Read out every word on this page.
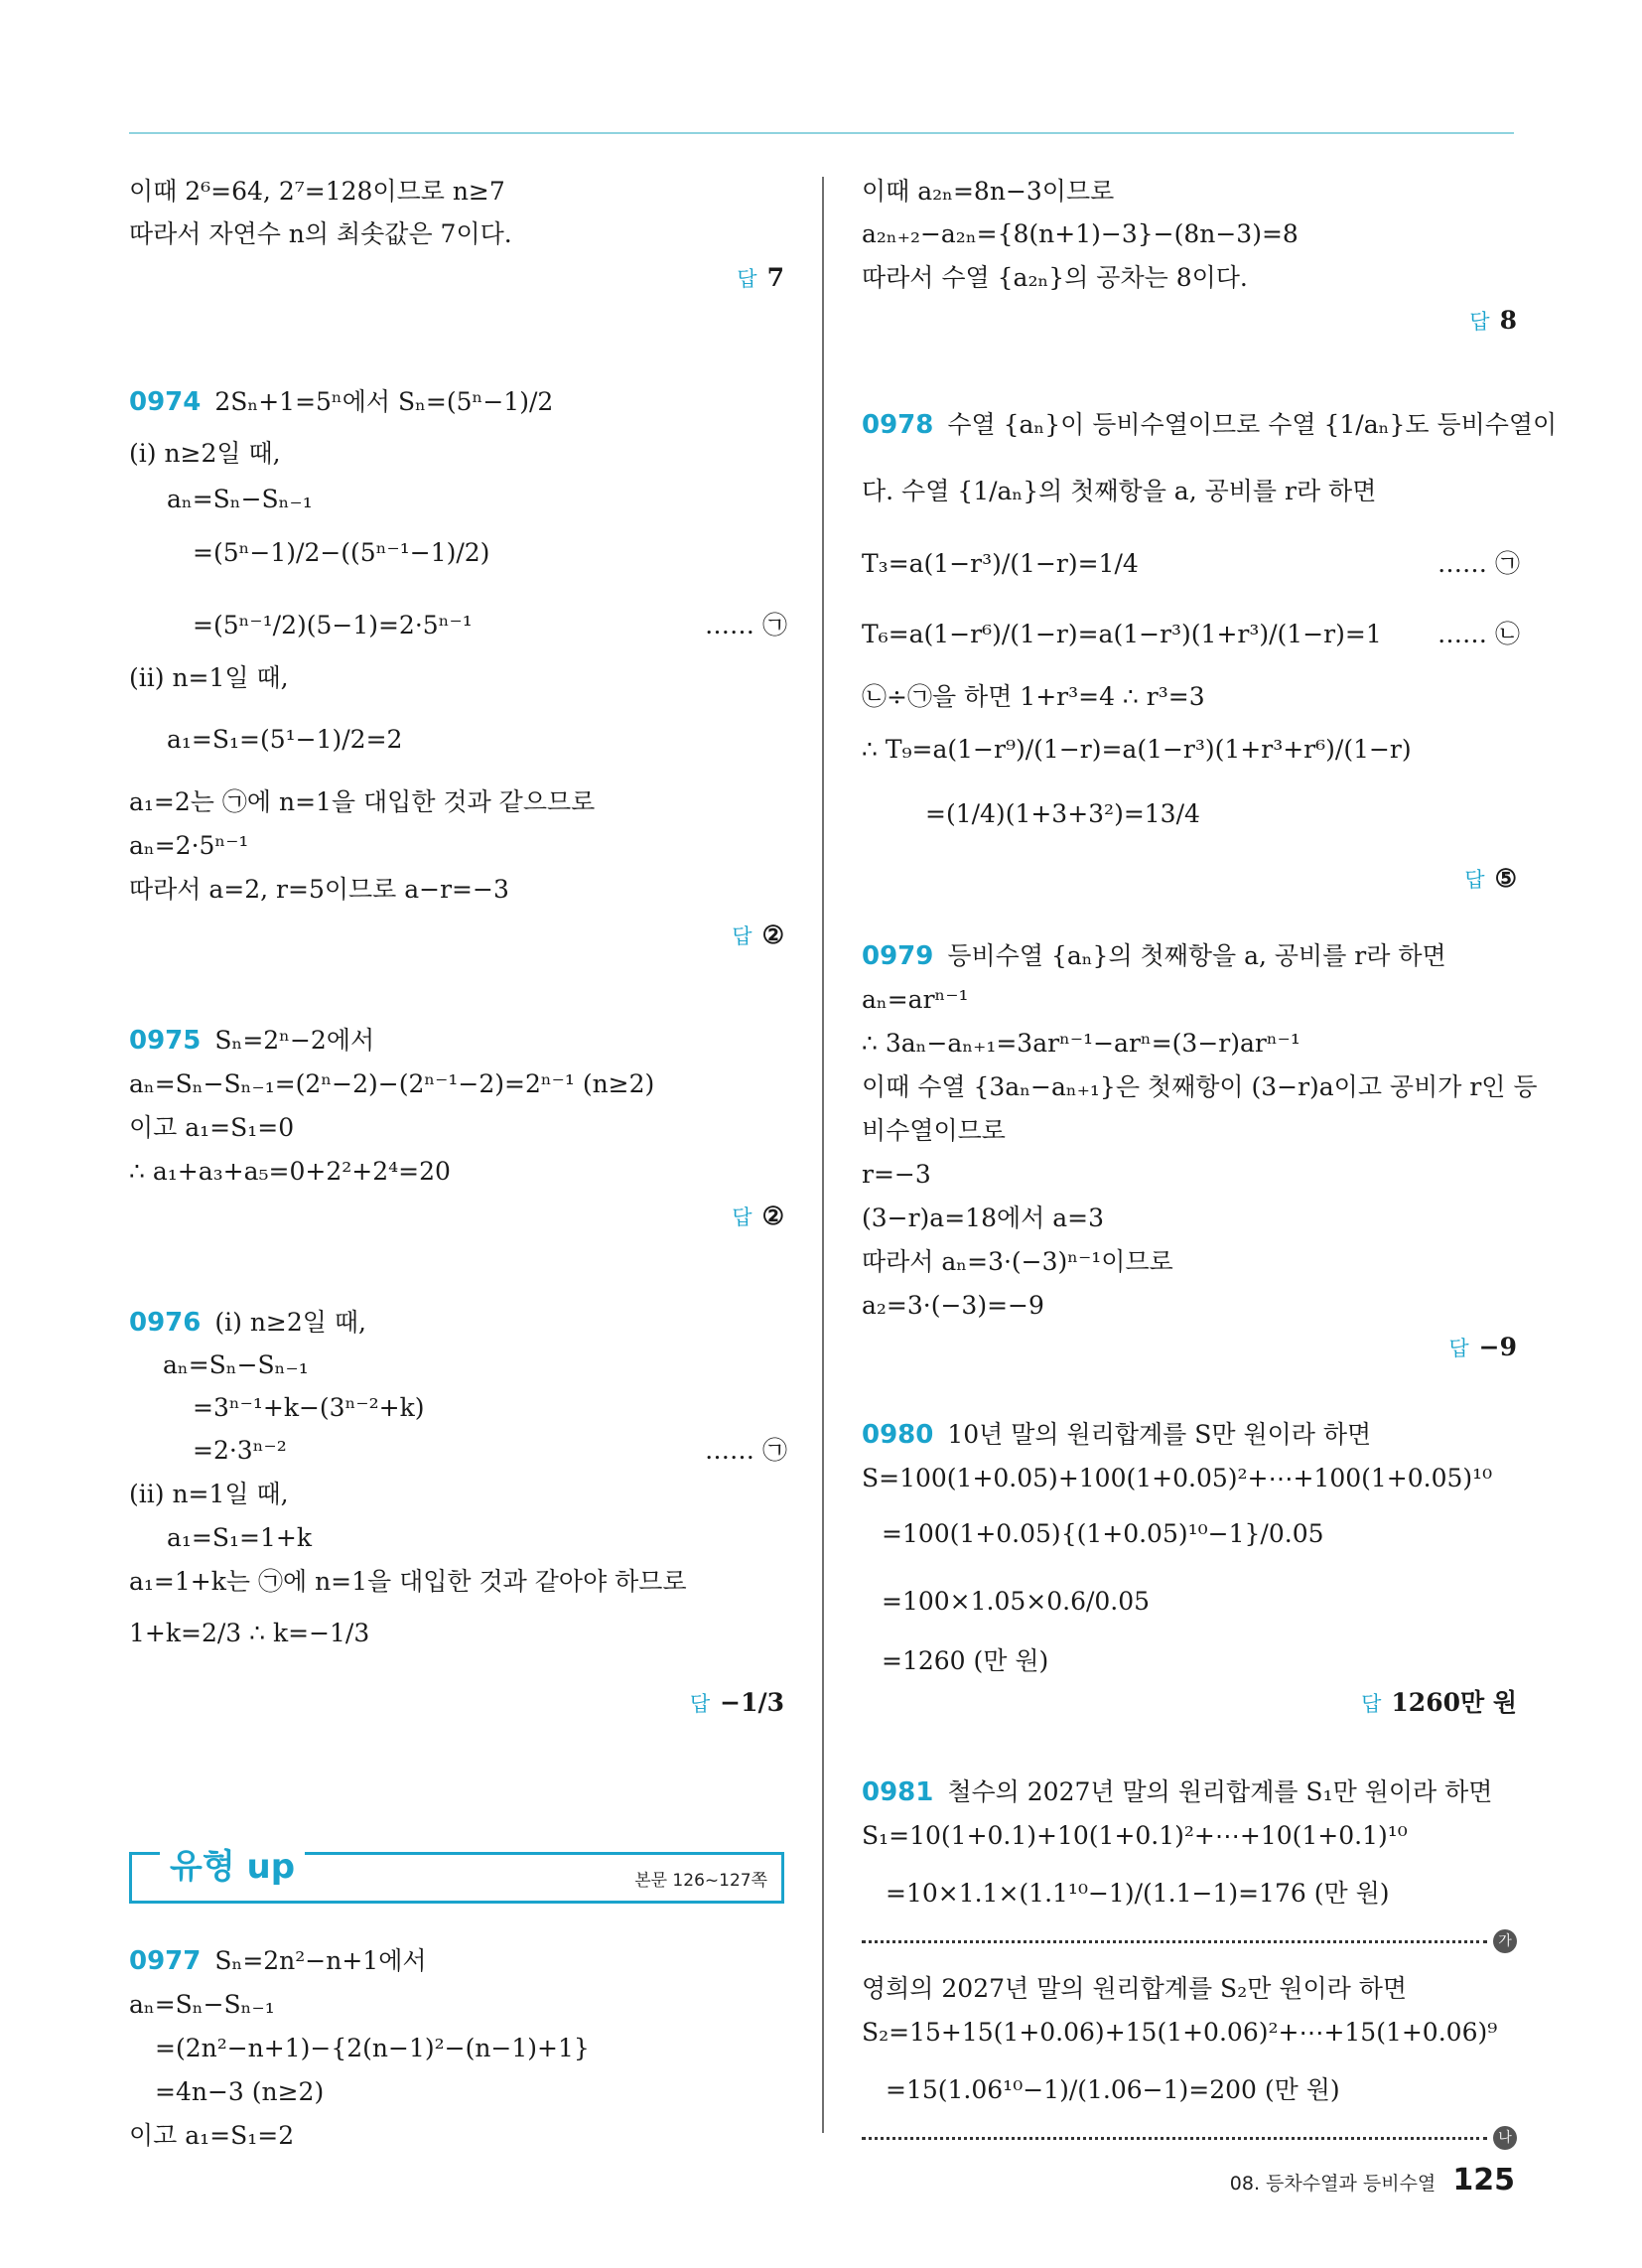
이때 2⁶=64, 2⁷=128이므로 n≥7
따라서 자연수 n의 최솟값은 7이다.
답 7
0974 2Sₙ+1=5ⁿ에서 Sₙ=(5ⁿ−1)/2
(i) n≥2일 때,
aₙ=Sₙ−Sₙ₋₁
=(5ⁿ−1)/2−((5ⁿ⁻¹−1)/2)
=(5ⁿ⁻¹/2)(5−1)=2·5ⁿ⁻¹	…… ㉠
(ii) n=1일 때,
a₁=S₁=(5¹−1)/2=2
a₁=2는 ㉠에 n=1을 대입한 것과 같으므로
aₙ=2·5ⁿ⁻¹
따라서 a=2, r=5이므로 a−r=−3
답 ②
0975 Sₙ=2ⁿ−2에서
aₙ=Sₙ−Sₙ₋₁=(2ⁿ−2)−(2ⁿ⁻¹−2)=2ⁿ⁻¹ (n≥2)
이고 a₁=S₁=0
∴ a₁+a₃+a₅=0+2²+2⁴=20
답 ②
0976 (i) n≥2일 때,
aₙ=Sₙ−Sₙ₋₁
=3ⁿ⁻¹+k−(3ⁿ⁻²+k)
=2·3ⁿ⁻²	…… ㉠
(ii) n=1일 때,
a₁=S₁=1+k
a₁=1+k는 ㉠에 n=1을 대입한 것과 같아야 하므로
1+k=2/3 ∴ k=−1/3
답 −1/3
유형 up	본문 126~127쪽
0977 Sₙ=2n²−n+1에서
aₙ=Sₙ−Sₙ₋₁
=(2n²−n+1)−{2(n−1)²−(n−1)+1}
=4n−3 (n≥2)
이고 a₁=S₁=2
이때 a₂ₙ=8n−3이므로
a₂ₙ₊₂−a₂ₙ={8(n+1)−3}−(8n−3)=8
따라서 수열 {a₂ₙ}의 공차는 8이다.
답 8
0978 수열 {aₙ}이 등비수열이므로 수열 {1/aₙ}도 등비수열이
다. 수열 {1/aₙ}의 첫째항을 a, 공비를 r라 하면
T₃=a(1−r³)/(1−r)=1/4	…… ㉠
T₆=a(1−r⁶)/(1−r)=a(1−r³)(1+r³)/(1−r)=1 …… ㉡
㉡÷㉠을 하면 1+r³=4 ∴ r³=3
∴ T₉=a(1−r⁹)/(1−r)=a(1−r³)(1+r³+r⁶)/(1−r)
=(1/4)(1+3+3²)=13/4
답 ⑤
0979 등비수열 {aₙ}의 첫째항을 a, 공비를 r라 하면
aₙ=arⁿ⁻¹
∴ 3aₙ−aₙ₊₁=3arⁿ⁻¹−arⁿ=(3−r)arⁿ⁻¹
이때 수열 {3aₙ−aₙ₊₁}은 첫째항이 (3−r)a이고 공비가 r인 등
비수열이므로
r=−3
(3−r)a=18에서 a=3
따라서 aₙ=3·(−3)ⁿ⁻¹이므로
a₂=3·(−3)=−9
답 −9
0980 10년 말의 원리합계를 S만 원이라 하면
S=100(1+0.05)+100(1+0.05)²+⋯+100(1+0.05)¹⁰
=100(1+0.05){(1+0.05)¹⁰−1}/0.05
=100×1.05×0.6/0.05
=1260 (만 원)
답 1260만 원
0981 철수의 2027년 말의 원리합계를 S₁만 원이라 하면
S₁=10(1+0.1)+10(1+0.1)²+⋯+10(1+0.1)¹⁰
=10×1.1×(1.1¹⁰−1)/(1.1−1)=176 (만 원)
가
영희의 2027년 말의 원리합계를 S₂만 원이라 하면
S₂=15+15(1+0.06)+15(1+0.06)²+⋯+15(1+0.06)⁹
=15(1.06¹⁰−1)/(1.06−1)=200 (만 원)
나
08. 등차수열과 등비수열 125
